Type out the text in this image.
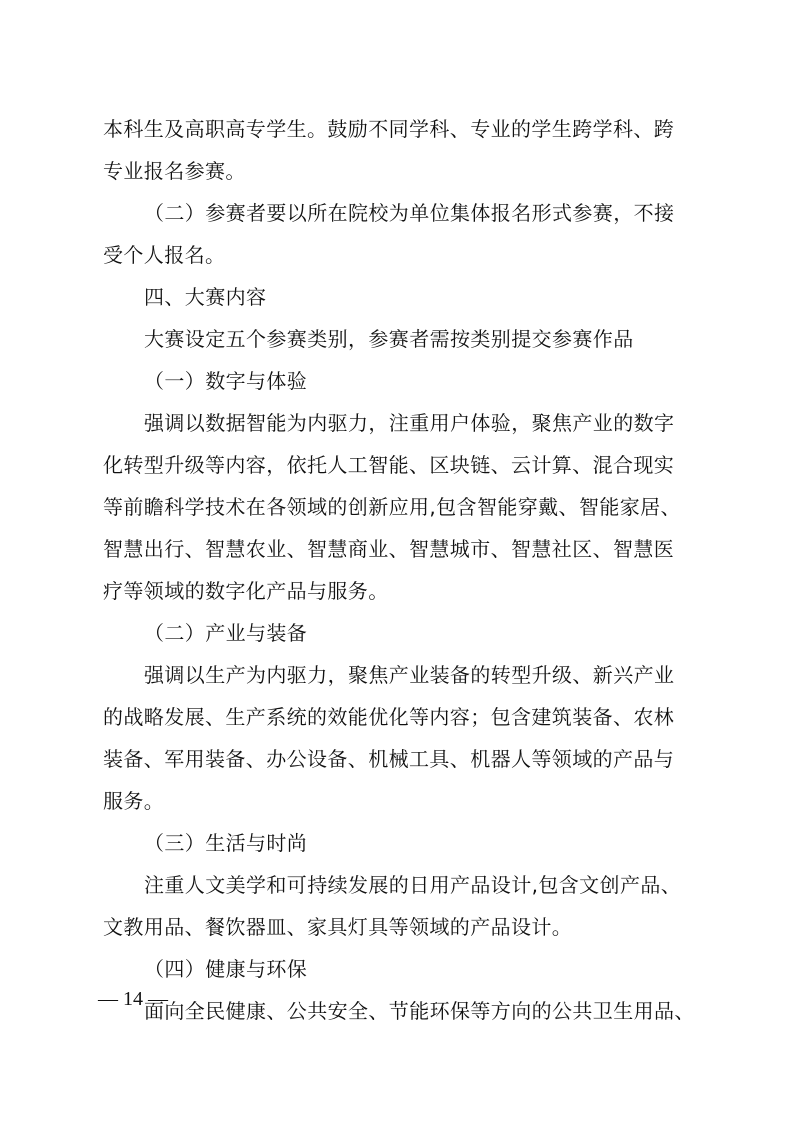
本科生及高职高专学生。鼓励不同学科、专业的学生跨学科、跨
专业报名参赛。
（二）参赛者要以所在院校为单位集体报名形式参赛，不接
受个人报名。
四、大赛内容
大赛设定五个参赛类别，参赛者需按类别提交参赛作品
（一）数字与体验
强调以数据智能为内驱力，注重用户体验，聚焦产业的数字
化转型升级等内容，依托人工智能、区块链、云计算、混合现实
等前瞻科学技术在各领域的创新应用,包含智能穿戴、智能家居、
智慧出行、智慧农业、智慧商业、智慧城市、智慧社区、智慧医
疗等领域的数字化产品与服务。
（二）产业与装备
强调以生产为内驱力，聚焦产业装备的转型升级、新兴产业
的战略发展、生产系统的效能优化等内容；包含建筑装备、农林
装备、军用装备、办公设备、机械工具、机器人等领域的产品与
服务。
（三）生活与时尚
注重人文美学和可持续发展的日用产品设计,包含文创产品、
文教用品、餐饮器皿、家具灯具等领域的产品设计。
（四）健康与环保
面向全民健康、公共安全、节能环保等方向的公共卫生用品、
— 14 —
